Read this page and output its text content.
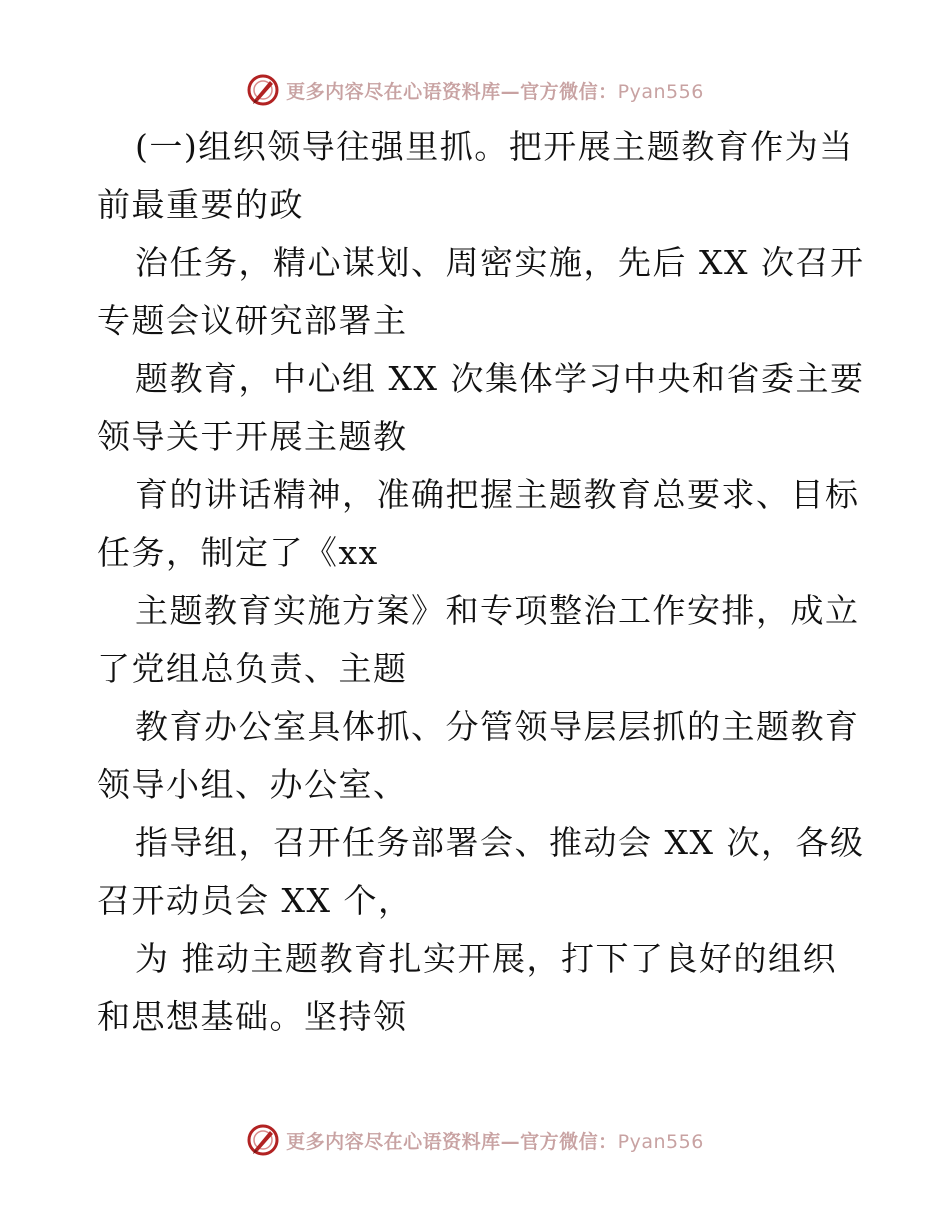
更多内容尽在心语资料库—官方微信：Pyan556
(一)组织领导往强里抓。把开展主题教育作为当
前最重要的政
治任务，精心谋划、周密实施，先后 XX 次召开
专题会议研究部署主
题教育，中心组 XX 次集体学习中央和省委主要
领导关于开展主题教
育的讲话精神，准确把握主题教育总要求、目标
任务，制定了《xx
主题教育实施方案》和专项整治工作安排，成立
了党组总负责、主题
教育办公室具体抓、分管领导层层抓的主题教育
领导小组、办公室、
指导组，召开任务部署会、推动会 XX 次，各级
召开动员会 XX 个，
为 推动主题教育扎实开展，打下了良好的组织
和思想基础。坚持领
更多内容尽在心语资料库—官方微信：Pyan556
